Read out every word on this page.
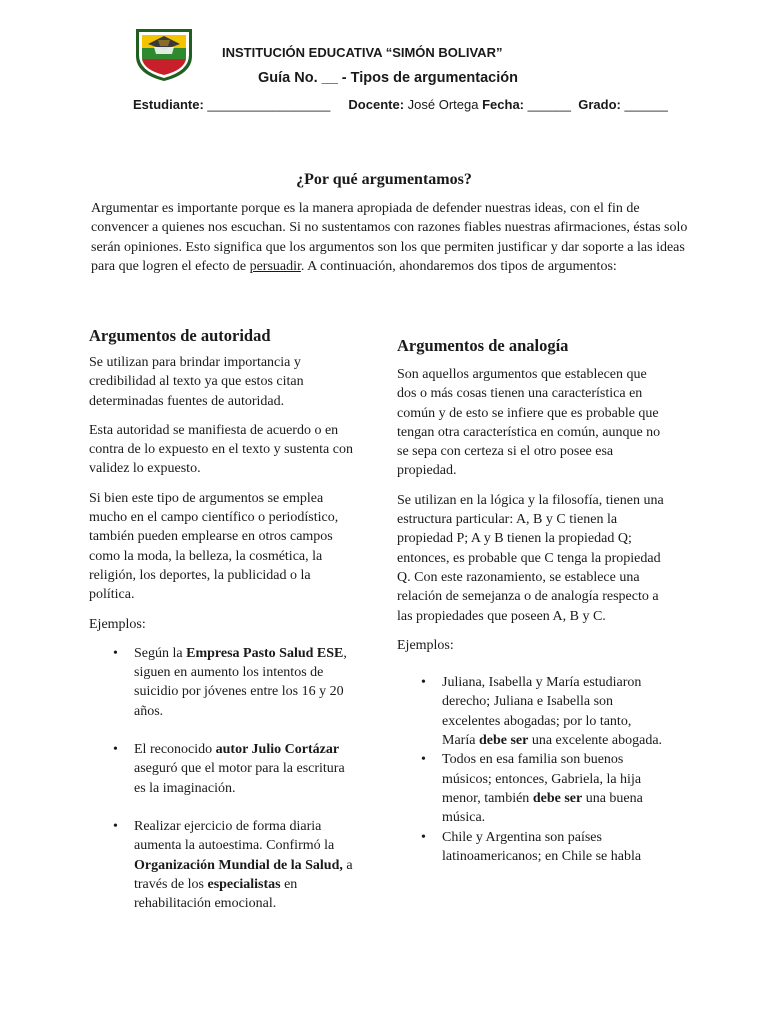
INSTITUCIÓN EDUCATIVA “SIMÓN BOLIVAR”
Guía No. __ - Tipos de argumentación
Estudiante: _________________ Docente: José Ortega Fecha: ______ Grado: ______
¿Por qué argumentamos?
Argumentar es importante porque es la manera apropiada de defender nuestras ideas, con el fin de convencer a quienes nos escuchan. Si no sustentamos con razones fiables nuestras afirmaciones, éstas solo serán opiniones. Esto significa que los argumentos son los que permiten justificar y dar soporte a las ideas para que logren el efecto de persuadir. A continuación, ahondaremos dos tipos de argumentos:
Argumentos de autoridad

Se utilizan para brindar importancia y credibilidad al texto ya que estos citan determinadas fuentes de autoridad.

Esta autoridad se manifiesta de acuerdo o en contra de lo expuesto en el texto y sustenta con validez lo expuesto.

Si bien este tipo de argumentos se emplea mucho en el campo científico o periodístico, también pueden emplearse en otros campos como la moda, la belleza, la cosmética, la religión, los deportes, la publicidad o la política.

Ejemplos:

• Según la Empresa Pasto Salud ESE, siguen en aumento los intentos de suicidio por jóvenes entre los 16 y 20 años.
• El reconocido autor Julio Cortázar aseguró que el motor para la escritura es la imaginación.
• Realizar ejercicio de forma diaria aumenta la autoestima. Confirmó la Organización Mundial de la Salud, a través de los especialistas en rehabilitación emocional.
Argumentos de analogía

Son aquellos argumentos que establecen que dos o más cosas tienen una característica en común y de esto se infiere que es probable que tengan otra característica en común, aunque no se sepa con certeza si el otro posee esa propiedad.

Se utilizan en la lógica y la filosofía, tienen una estructura particular: A, B y C tienen la propiedad P; A y B tienen la propiedad Q; entonces, es probable que C tenga la propiedad Q. Con este razonamiento, se establece una relación de semejanza o de analogía respecto a las propiedades que poseen A, B y C.

Ejemplos:

• Juliana, Isabella y María estudiaron derecho; Juliana e Isabella son excelentes abogadas; por lo tanto, María debe ser una excelente abogada.
• Todos en esa familia son buenos músicos; entonces, Gabriela, la hija menor, también debe ser una buena música.
• Chile y Argentina son países latinoamericanos; en Chile se habla
